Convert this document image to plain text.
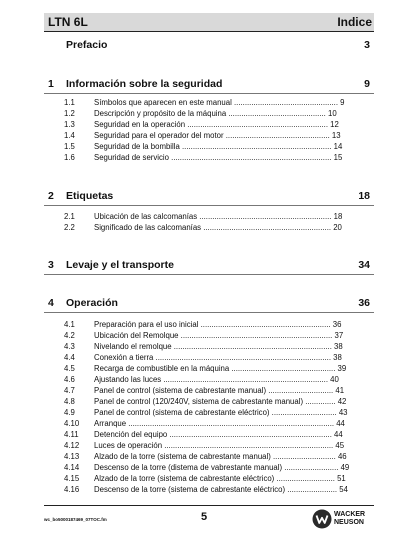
LTN 6L	Indice
Prefacio	3
1 Información sobre la seguridad	9
1.1 Símbolos que aparecen en este manual ................................................ 9
1.2 Descripción y propósito de la máquina ............................................. 10
1.3 Seguridad en la operación ................................................................. 12
1.4 Seguridad para el operador del motor ................................................ 13
1.5 Seguridad de la bombilla ..................................................................... 14
1.6 Seguridad de servicio .......................................................................... 15
2 Etiquetas	18
2.1 Ubicación de las calcomanías ............................................................. 18
2.2 Significado de las calcomanías ........................................................... 20
3 Levaje y el transporte	34
4 Operación	36
4.1 Preparación para el uso inicial ............................................................ 36
4.2 Ubicación del Remolque ...................................................................... 37
4.3 Nivelando el remolque ......................................................................... 38
4.4 Conexión a tierra ................................................................................. 38
4.5 Recarga de combustible en la máquina ................................................ 39
4.6 Ajustando las luces ............................................................................ 40
4.7 Panel de control (sistema de cabrestante manual) .............................. 41
4.8 Panel de control (120/240V, sistema de cabrestante manual) .............. 42
4.9 Panel de control (sistema de cabrestante eléctrico) .............................. 43
4.10 Arranque ............................................................................................... 44
4.11 Detención del equipo ........................................................................... 44
4.12 Luces de operación .............................................................................. 45
4.13 Alzado de la torre (sistema de cabrestante manual) ............................. 46
4.14 Descenso de la torre (distema de vabrestante manual) ......................... 49
4.15 Alzado de la torre (sistema de cabrestante eléctrico) ........................... 51
4.16 Descenso de la torre (sistema de cabrestante eléctrico) ....................... 54
wc_bo5000187469_07TOC.fm	5	WACKER
NEUSON
